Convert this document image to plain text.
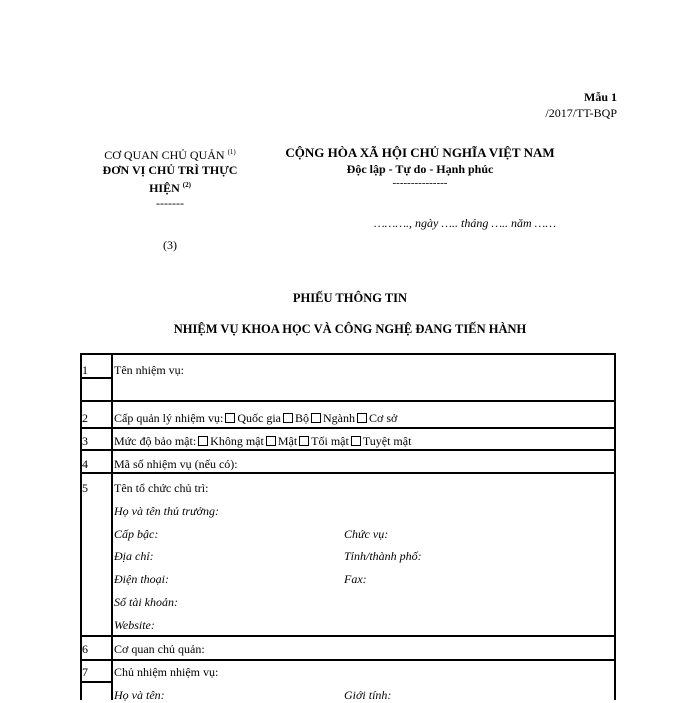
Mẫu 1
/2017/TT-BQP
CƠ QUAN CHỦ QUẢN $^{(1)}$
ĐƠN VỊ CHỦ TRÌ THỰC
HIỆN $^{(2)}$
-------
CỘNG HÒA XÃ HỘI CHỦ NGHĨA VIỆT NAM
Độc lập - Tự do - Hạnh phúc
---------------
………., ngày ….. tháng ….. năm ……
(3)
PHIẾU THÔNG TIN
NHIỆM VỤ KHOA HỌC VÀ CÔNG NGHỆ ĐANG TIẾN HÀNH
1 Tên nhiệm vụ:
2 Cấp quản lý nhiệm vụ: Quốc gia Bộ Ngành Cơ sở
3 Mức độ bảo mật: Không mật Mật Tối mật Tuyệt mật
4 Mã số nhiệm vụ (nếu có):
5 Tên tổ chức chủ trì:
Họ và tên thủ trưởng:
Cấp bậc:	Chức vụ:
Địa chỉ:	Tỉnh/thành phố:
Điện thoại:	Fax:
Số tài khoản:
Website:
6 Cơ quan chủ quản:
7 Chủ nhiệm nhiệm vụ:
Họ và tên:	Giới tính:
